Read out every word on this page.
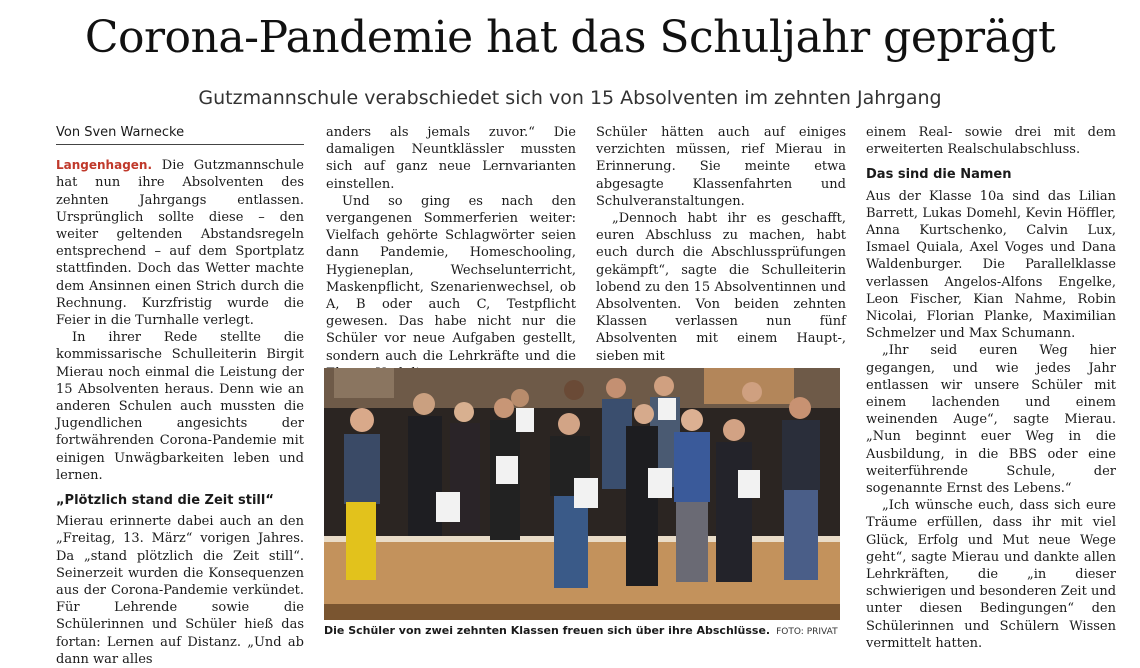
Corona-Pandemie hat das Schuljahr geprägt
Gutzmannschule verabschiedet sich von 15 Absolventen im zehnten Jahrgang

Von Sven Warnecke

Langenhagen. Die Gutzmannschule hat nun ihre Absolventen des zehnten Jahrgangs entlassen. Ursprünglich sollte diese – den weiter geltenden Abstandsregeln entsprechend – auf dem Sportplatz stattfinden. Doch das Wetter machte dem Ansinnen einen Strich durch die Rechnung. Kurzfristig wurde die Feier in die Turnhalle verlegt.

In ihrer Rede stellte die kommissarische Schulleiterin Birgit Mierau noch einmal die Leistung der 15 Absolventen heraus. Denn wie an anderen Schulen auch mussten die Jugendlichen angesichts der fortwährenden Corona-Pandemie mit einigen Unwägbarkeiten leben und lernen.

„Plötzlich stand die Zeit still“

Mierau erinnerte dabei auch an den „Freitag, 13. März“ vorigen Jahres. Da „stand plötzlich die Zeit still“. Seinerzeit wurden die Konsequenzen aus der Corona-Pandemie verkündet. Für Lehrende sowie die Schülerinnen und Schüler hieß das fortan: Lernen auf Distanz. „Und ab dann war alles

anders als jemals zuvor.“ Die damaligen Neuntklässler mussten sich auf ganz neue Lernvarianten einstellen.

Und so ging es nach den vergangenen Sommerferien weiter: Vielfach gehörte Schlagwörter seien dann Pandemie, Homeschooling, Hygieneplan, Wechselunterricht, Maskenpflicht, Szenarienwechsel, ob A, B oder auch C, Testpflicht gewesen. Das habe nicht nur die Schüler vor neue Aufgaben gestellt, sondern auch die Lehrkräfte und die

Schüler hätten auch auf einiges verzichten müssen, rief Mierau in Erinnerung. Sie meinte etwa abgesagte Klassenfahrten und Schulveranstaltungen.

„Dennoch habt ihr es geschafft, euren Abschluss zu machen, habt euch durch die Abschlussprüfungen gekämpft“, sagte die Schulleiterin lobend zu den 15 Absolventinnen und Absolventen. Von beiden zehnten Klassen verlassen nun fünf Absolventen mit einem Haupt-, sieben mit

einem Real- sowie drei mit dem erweiterten Realschulabschluss.

Das sind die Namen

Aus der Klasse 10a sind das Lilian Barrett, Lukas Domehl, Kevin Höffler, Anna Kurtschenko, Calvin Lux, Ismael Quiala, Axel Voges und Dana Waldenburger. Die Parallelklasse verlassen Angelos-Alfons Engelke, Leon Fischer, Kian Nahme, Robin Nicolai, Florian Planke, Maximilian Schmelzer und Max Schumann.

„Ihr seid euren Weg hier gegangen, und wie jedes Jahr entlassen wir unsere Schüler mit einem lachenden und einem weinenden Auge“, sagte Mierau. „Nun beginnt euer Weg in die Ausbildung, in die BBS oder eine weiterführende Schule, der sogenannte Ernst des Lebens.“

„Ich wünsche euch, dass sich eure Träume erfüllen, dass ihr mit viel Glück, Erfolg und Mut neue Wege geht“, sagte Mierau und dankte allen Lehrkräften, die „in dieser schwierigen und besonderen Zeit und unter diesen Bedingungen“ den Schülerinnen und Schülern Wissen vermittelt hatten.

Die Schüler von zwei zehnten Klassen freuen sich über ihre Abschlüsse. FOTO: PRIVAT
